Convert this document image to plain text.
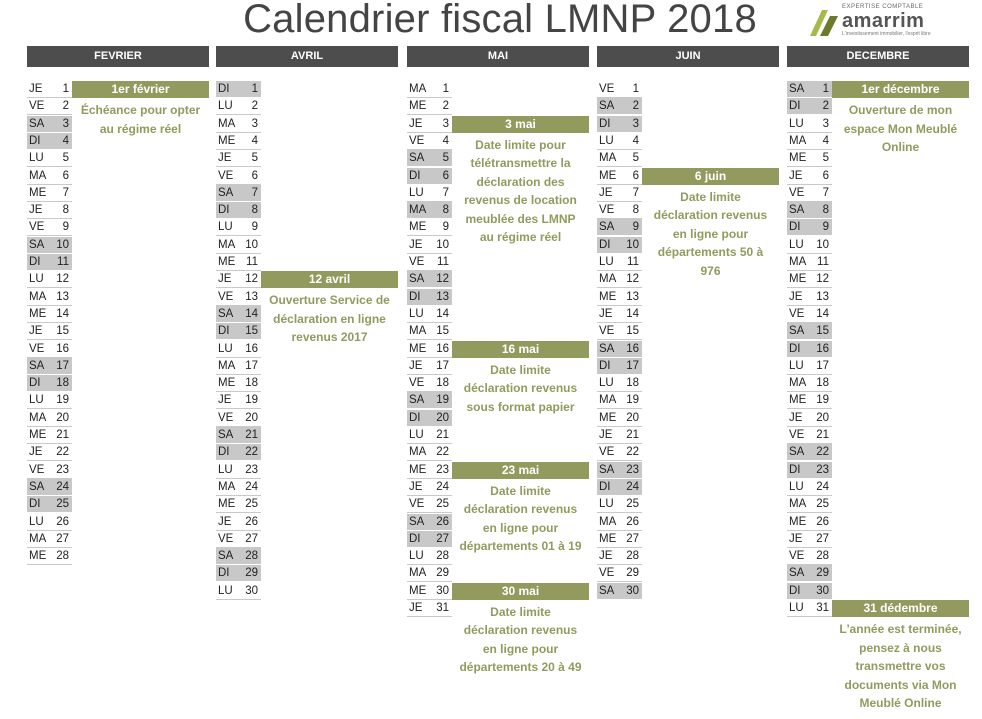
Calendrier fiscal LMNP 2018	EXPERTISE COMPTABLE
amarrim
L'investissement immobilier, l'esprit libre
FEVRIER
JE 1
VE 2
SA 3
DI 4
LU 5
MA 6
ME 7
JE 8
VE 9
SA 10
DI 11
LU 12
MA 13
ME 14
JE 15
VE 16
SA 17
DI 18
LU 19
MA 20
ME 21
JE 22
VE 23
SA 24
DI 25
LU 26
MA 27
ME 28
1er février
Échéance pour opter
au régime réel
AVRIL
DI 1
LU 2
MA 3
ME 4
JE 5
VE 6
SA 7
DI 8
LU 9
MA 10
ME 11
JE 12
VE 13
SA 14
DI 15
LU 16
MA 17
ME 18
JE 19
VE 20
SA 21
DI 22
LU 23
MA 24
ME 25
JE 26
VE 27
SA 28
DI 29
LU 30
12 avril
Ouverture Service de
déclaration en ligne
revenus 2017
MAI
MA 1
ME 2
JE 3
VE 4
SA 5
DI 6
LU 7
MA 8
ME 9
JE 10
VE 11
SA 12
DI 13
LU 14
MA 15
ME 16
JE 17
VE 18
SA 19
DI 20
LU 21
MA 22
ME 23
JE 24
VE 25
SA 26
DI 27
LU 28
MA 29
ME 30
JE 31
3 mai
Date limite pour
télétransmettre la
déclaration des
revenus de location
meublée des LMNP
au régime réel
16 mai
Date limite
déclaration revenus
sous format papier
23 mai
Date limite
déclaration revenus
en ligne pour
départements 01 à 19
30 mai
Date limite
déclaration revenus
en ligne pour
départements 20 à 49
JUIN
VE 1
SA 2
DI 3
LU 4
MA 5
ME 6
JE 7
VE 8
SA 9
DI 10
LU 11
MA 12
ME 13
JE 14
VE 15
SA 16
DI 17
LU 18
MA 19
ME 20
JE 21
VE 22
SA 23
DI 24
LU 25
MA 26
ME 27
JE 28
VE 29
SA 30
6 juin
Date limite
déclaration revenus
en ligne pour
départements 50 à
976
DECEMBRE
SA 1
DI 2
LU 3
MA 4
ME 5
JE 6
VE 7
SA 8
DI 9
LU 10
MA 11
ME 12
JE 13
VE 14
SA 15
DI 16
LU 17
MA 18
ME 19
JE 20
VE 21
SA 22
DI 23
LU 24
MA 25
ME 26
JE 27
VE 28
SA 29
DI 30
LU 31
1er décembre
Ouverture de mon
espace Mon Meublé
Online
31 dédembre
L'année est terminée,
pensez à nous
transmettre vos
documents via Mon
Meublé Online
